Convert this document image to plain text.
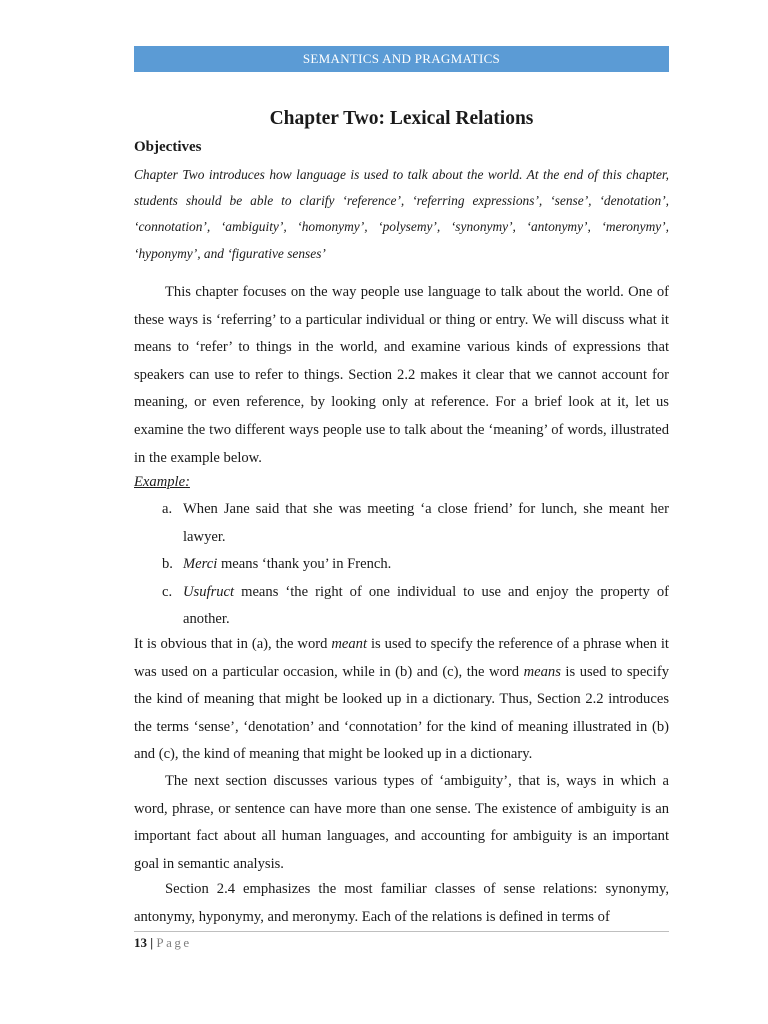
SEMANTICS AND PRAGMATICS
Chapter Two: Lexical Relations
Objectives

Chapter Two introduces how language is used to talk about the world. At the end of this chapter, students should be able to clarify ‘reference’, ‘referring expressions’, ‘sense’, ‘denotation’, ‘connotation’, ‘ambiguity’, ‘homonymy’, ‘polysemy’, ‘synonymy’, ‘antonymy’, ‘meronymy’, ‘hyponymy’, and ‘figurative senses’

This chapter focuses on the way people use language to talk about the world. One of these ways is ‘referring’ to a particular individual or thing or entry. We will discuss what it means to ‘refer’ to things in the world, and examine various kinds of expressions that speakers can use to refer to things. Section 2.2 makes it clear that we cannot account for meaning, or even reference, by looking only at reference. For a brief look at it, let us examine the two different ways people use to talk about the ‘meaning’ of words, illustrated in the example below.

Example:

a. When Jane said that she was meeting ‘a close friend’ for lunch, she meant her lawyer.
b. Merci means ‘thank you’ in French.
c. Usufruct means ‘the right of one individual to use and enjoy the property of another.

It is obvious that in (a), the word meant is used to specify the reference of a phrase when it was used on a particular occasion, while in (b) and (c), the word means is used to specify the kind of meaning that might be looked up in a dictionary. Thus, Section 2.2 introduces the terms ‘sense’, ‘denotation’ and ‘connotation’ for the kind of meaning illustrated in (b) and (c), the kind of meaning that might be looked up in a dictionary.

The next section discusses various types of ‘ambiguity’, that is, ways in which a word, phrase, or sentence can have more than one sense. The existence of ambiguity is an important fact about all human languages, and accounting for ambiguity is an important goal in semantic analysis.

Section 2.4 emphasizes the most familiar classes of sense relations: synonymy, antonymy, hyponymy, and meronymy. Each of the relations is defined in terms of

13 | Page
